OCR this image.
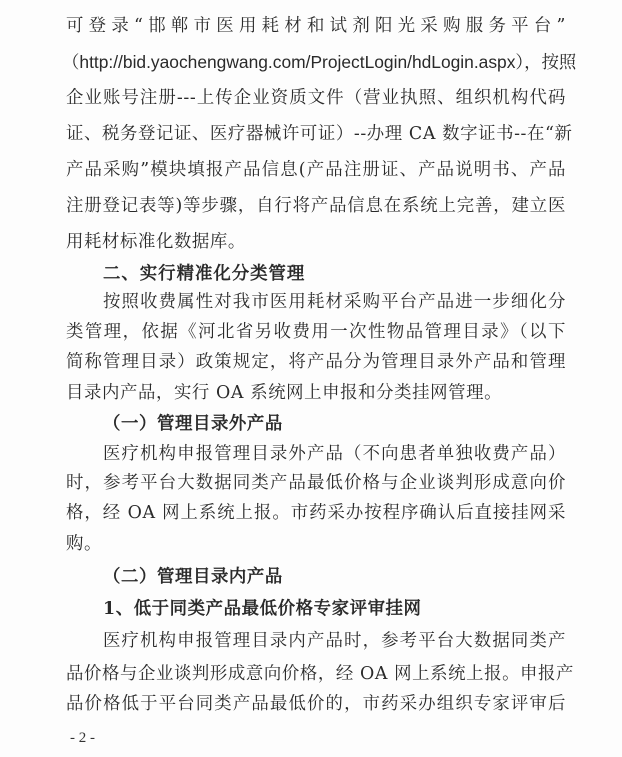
可登录“邯郸市医用耗材和试剂阳光采购服务平台”
（http://bid.yaochengwang.com/ProjectLogin/hdLogin.aspx），按照
企业账号注册---上传企业资质文件（营业执照、组织机构代码
证、税务登记证、医疗器械许可证）--办理 CA 数字证书--在“新
产品采购”模块填报产品信息(产品注册证、产品说明书、产品
注册登记表等)等步骤，自行将产品信息在系统上完善，建立医
用耗材标准化数据库。
二、实行精准化分类管理
按照收费属性对我市医用耗材采购平台产品进一步细化分
类管理，依据《河北省另收费用一次性物品管理目录》（以下
简称管理目录）政策规定，将产品分为管理目录外产品和管理
目录内产品，实行 OA 系统网上申报和分类挂网管理。
（一）管理目录外产品
医疗机构申报管理目录外产品（不向患者单独收费产品）
时，参考平台大数据同类产品最低价格与企业谈判形成意向价
格，经 OA 网上系统上报。市药采办按程序确认后直接挂网采
购。
（二）管理目录内产品
1、低于同类产品最低价格专家评审挂网
医疗机构申报管理目录内产品时，参考平台大数据同类产
品价格与企业谈判形成意向价格，经 OA 网上系统上报。申报产
品价格低于平台同类产品最低价的，市药采办组织专家评审后
- 2 -
